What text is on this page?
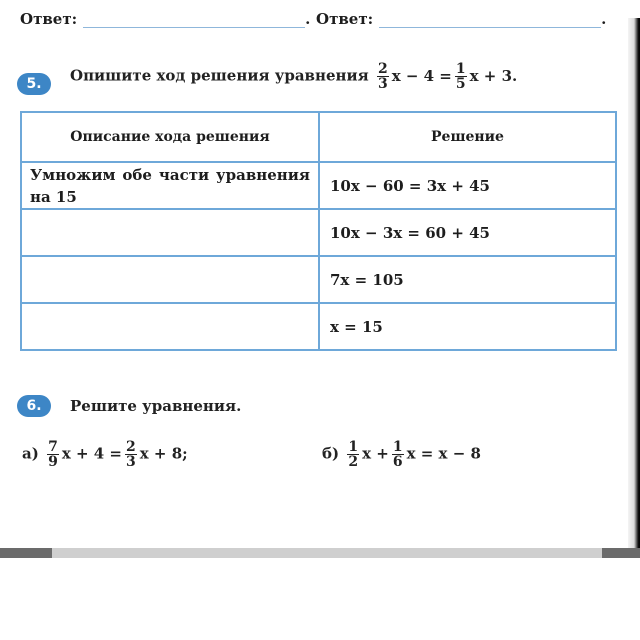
Ответ:	. Ответ:	.
5.	Опишите ход решения уравнения $\frac{2}{3}$ $x - 4 = \frac{1}{5}$ x + 3.
Описание хода решения	Решение
Умножим обе части уравнения на 15	10x − 60 = 3x + 45
	10x − 3x = 60 + 45
	7x = 105
	x = 15
6.	Решите уравнения.
$а) \frac{7}{9}$ $x + 4 = \frac{2}{3}$ x + 8;	$б) \frac{1}{2}$ $x + \frac{1}{6}$ x = x − 8
